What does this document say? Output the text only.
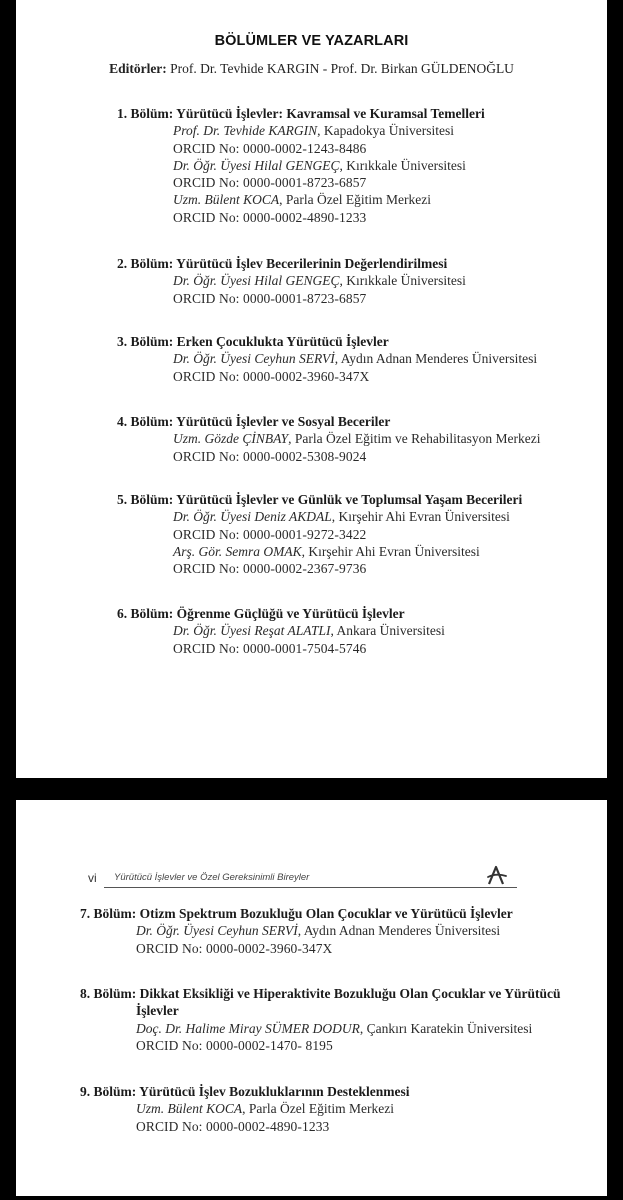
BÖLÜMLER VE YAZARLARI
Editörler: Prof. Dr. Tevhide KARGIN - Prof. Dr. Birkan GÜLDENOĞLU
1. Bölüm: Yürütücü İşlevler: Kavramsal ve Kuramsal Temelleri
Prof. Dr. Tevhide KARGIN, Kapadokya Üniversitesi
ORCID No: 0000-0002-1243-8486
Dr. Öğr. Üyesi Hilal GENGEÇ, Kırıkkale Üniversitesi
ORCID No: 0000-0001-8723-6857
Uzm. Bülent KOCA, Parla Özel Eğitim Merkezi
ORCID No: 0000-0002-4890-1233
2. Bölüm: Yürütücü İşlev Becerilerinin Değerlendirilmesi
Dr. Öğr. Üyesi Hilal GENGEÇ, Kırıkkale Üniversitesi
ORCID No: 0000-0001-8723-6857
3. Bölüm: Erken Çocuklukta Yürütücü İşlevler
Dr. Öğr. Üyesi Ceyhun SERVİ, Aydın Adnan Menderes Üniversitesi
ORCID No: 0000-0002-3960-347X
4. Bölüm: Yürütücü İşlevler ve Sosyal Beceriler
Uzm. Gözde ÇİNBAY, Parla Özel Eğitim ve Rehabilitasyon Merkezi
ORCID No: 0000-0002-5308-9024
5. Bölüm: Yürütücü İşlevler ve Günlük ve Toplumsal Yaşam Becerileri
Dr. Öğr. Üyesi Deniz AKDAL, Kırşehir Ahi Evran Üniversitesi
ORCID No: 0000-0001-9272-3422
Arş. Gör. Semra OMAK, Kırşehir Ahi Evran Üniversitesi
ORCID No: 0000-0002-2367-9736
6. Bölüm: Öğrenme Güçlüğü ve Yürütücü İşlevler
Dr. Öğr. Üyesi Reşat ALATLI, Ankara Üniversitesi
ORCID No: 0000-0001-7504-5746
vi Yürütücü İşlevler ve Özel Gereksinimli Bireyler
7. Bölüm: Otizm Spektrum Bozukluğu Olan Çocuklar ve Yürütücü İşlevler
Dr. Öğr. Üyesi Ceyhun SERVİ, Aydın Adnan Menderes Üniversitesi
ORCID No: 0000-0002-3960-347X
8. Bölüm: Dikkat Eksikliği ve Hiperaktivite Bozukluğu Olan Çocuklar ve Yürütücü İşlevler
Doç. Dr. Halime Miray SÜMER DODUR, Çankırı Karatekin Üniversitesi
ORCID No: 0000-0002-1470- 8195
9. Bölüm: Yürütücü İşlev Bozukluklarının Desteklenmesi
Uzm. Bülent KOCA, Parla Özel Eğitim Merkezi
ORCID No: 0000-0002-4890-1233
